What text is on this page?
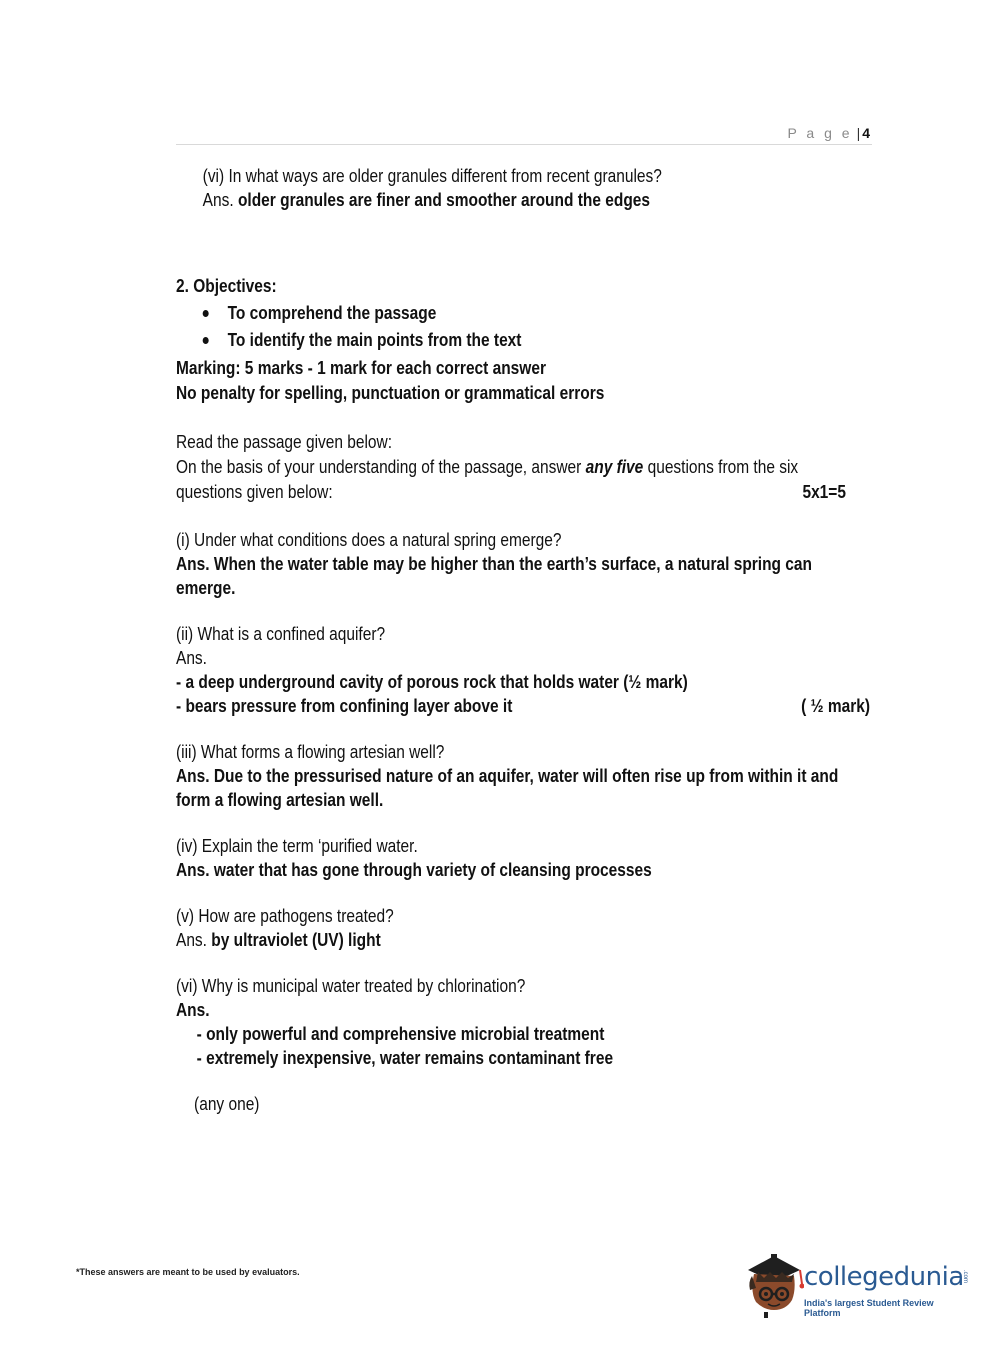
P a g e | 4

(vi) In what ways are older granules different from recent granules?

Ans. older granules are finer and smoother around the edges

2. Objectives:

To comprehend the passage
To identify the main points from the text

Marking: 5 marks - 1 mark for each correct answer

No penalty for spelling, punctuation or grammatical errors

Read the passage given below:

On the basis of your understanding of the passage, answer any five questions from the six

questions given below:	5x1=5

(i) Under what conditions does a natural spring emerge?

Ans. When the water table may be higher than the earth’s surface, a natural spring can emerge.

(ii) What is a confined aquifer?

Ans.

- a deep underground cavity of porous rock that holds water (½ mark)

- bears pressure from confining layer above it	( ½ mark)

(iii) What forms a flowing artesian well?

Ans. Due to the pressurised nature of an aquifer, water will often rise up from within it and form a flowing artesian well.

(iv) Explain the term ‘purified water.

Ans. water that has gone through variety of cleansing processes

(v) How are pathogens treated?

Ans. by ultraviolet (UV) light

(vi) Why is municipal water treated by chlorination?

Ans.

- only powerful and comprehensive microbial treatment

- extremely inexpensive, water remains contaminant free

(any one)

*These answers are meant to be used by evaluators.	collegedunia
.com
India's largest Student Review Platform
